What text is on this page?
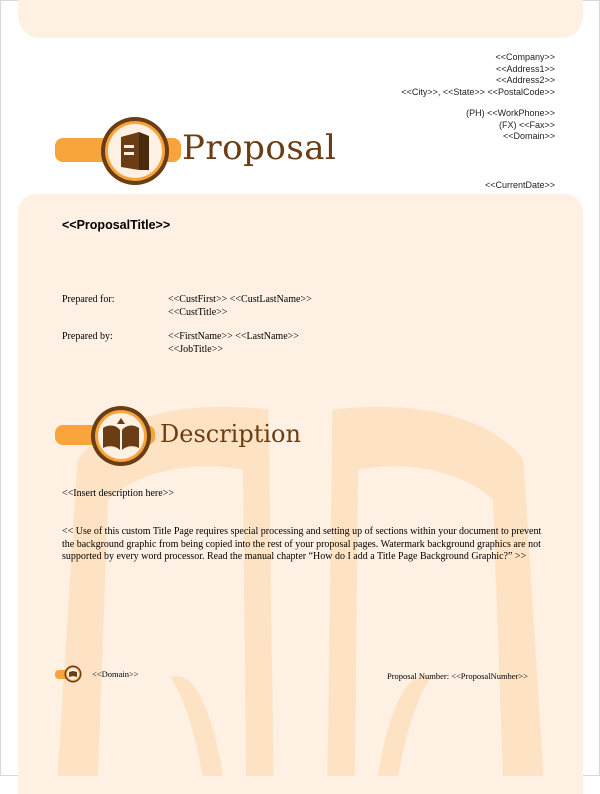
<<Company>>
<<Address1>>
<<Address2>>
<<City>>, <<State>> <<PostalCode>>
(PH) <<WorkPhone>>
(FX) <<Fax>>
<<Domain>>
<<CurrentDate>>
Proposal
<<ProposalTitle>>
Prepared for:	<<CustFirst>> <<CustLastName>>
<<CustTitle>>
Prepared by:	<<FirstName>> <<LastName>>
<<JobTitle>>
Description
<<Insert description here>>
<< Use of this custom Title Page requires special processing and setting up of sections within your document to prevent the background graphic from being copied into the rest of your proposal pages. Watermark background graphics are not supported by every word processor. Read the manual chapter “How do I add a Title Page Background Graphic?” >>
<<Domain>>	Proposal Number: <<ProposalNumber>>
